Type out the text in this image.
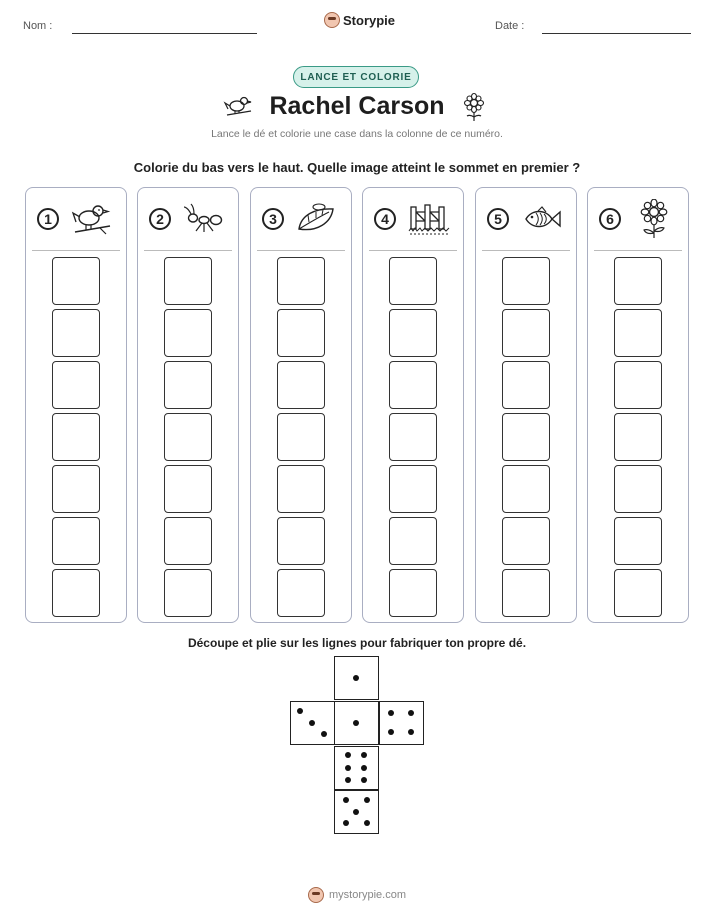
Nom :	Storypie	Date :
LANCE ET COLORIE
Rachel Carson
Lance le dé et colorie une case dans la colonne de ce numéro.
Colorie du bas vers le haut. Quelle image atteint le sommet en premier ?
1	2	3	4	5	6
Découpe et plie sur les lignes pour fabriquer ton propre dé.
mystorypie.com
